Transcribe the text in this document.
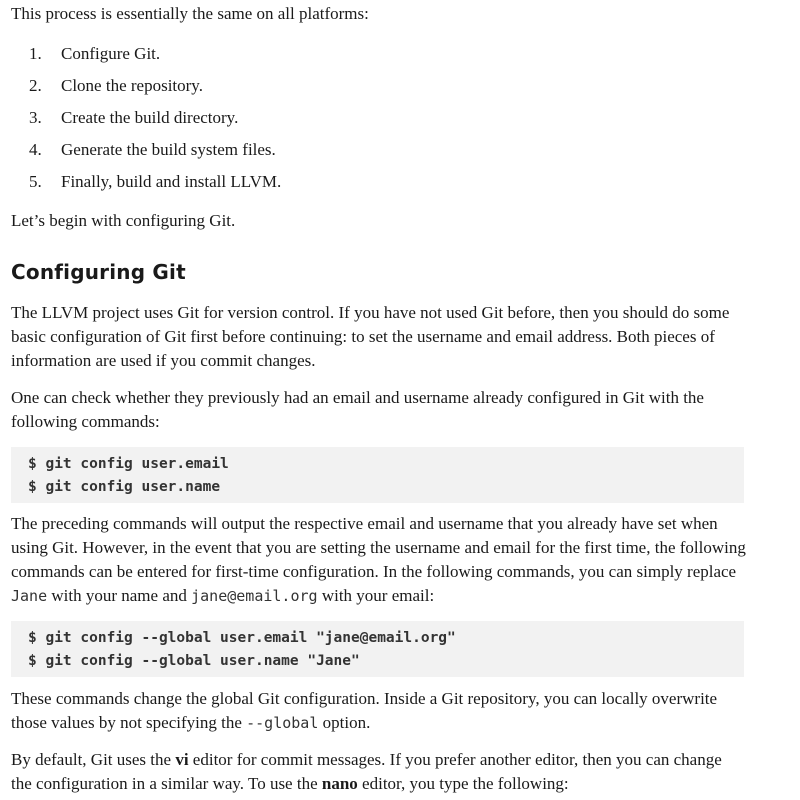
This process is essentially the same on all platforms:

1.	Configure Git.
2.	Clone the repository.
3.	Create the build directory.
4.	Generate the build system files.
5.	Finally, build and install LLVM.

Let’s begin with configuring Git.

Configuring Git

The LLVM project uses Git for version control. If you have not used Git before, then you should do some basic configuration of Git first before continuing: to set the username and email address. Both pieces of information are used if you commit changes.

One can check whether they previously had an email and username already configured in Git with the following commands:

$ git config user.email
$ git config user.name

The preceding commands will output the respective email and username that you already have set when using Git. However, in the event that you are setting the username and email for the first time, the following commands can be entered for first-time configuration. In the following commands, you can simply replace Jane with your name and jane@email.org with your email:

$ git config --global user.email "jane@email.org"
$ git config --global user.name "Jane"

These commands change the global Git configuration. Inside a Git repository, you can locally overwrite those values by not specifying the --global option.

By default, Git uses the vi editor for commit messages. If you prefer another editor, then you can change the configuration in a similar way. To use the nano editor, you type the following:
